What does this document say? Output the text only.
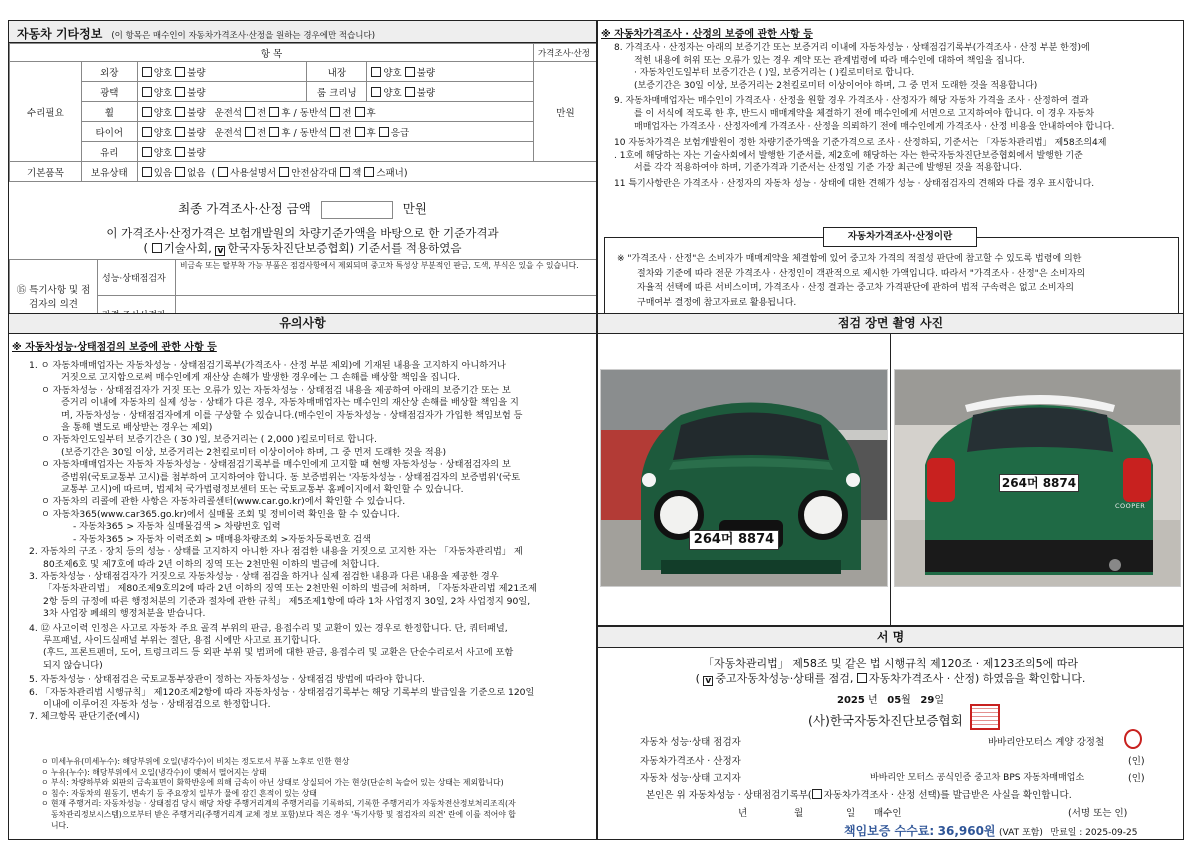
자동차 기타정보 (이 항목은 매수인이 자동차가격조사·산정을 원하는 경우에만 적습니다)
항 목					가격조사·산정
수리필요	외장	양호 불량	내장	양호 불량	만원
	광택	양호 불량	룸 크리닝	양호 불량	
	휠	양호 불량 운전석 전 후 / 동반석 전 후			
	타이어	양호 불량 운전석 전 후 / 동반석 전 후 응급			
	유리	양호 불량			
기본품목	보유상태	있음 없음  ( 사용설명서 안전삼각대 잭 스패너)			
최종 가격조사·산정 금액	만원
이 가격조사·산정가격은 보험개발원의 차량기준가액을 바탕으로 한 기준가격과
( 기술사회, v 한국자동차진단보증협회) 기준서를 적용하였음
⑮ 특기사항 및 점검자의 의견	성능·상태점검자	비금속 또는 탈부착 가능 부품은 점검사항에서 제외되며 중고차 특성상 부분적인 판금, 도색, 부식은 있을 수 있습니다.

※ 자동차가격조사 · 산정의 보증에 관한 사항 등

8. 가격조사 · 산정자는 아래의 보증기간 또는 보증거리 이내에 자동차성능 · 상태점검기록부(가격조사 · 산정 부분 한정)에

적힌 내용에 허위 또는 오류가 있는 경우 계약 또는 관계법령에 따라 매수인에 대하여 책임을 집니다.

· 자동차인도일부터 보증기간은 ( )일, 보증거리는 ( )킬로미터로 합니다.

(보증기간은 30일 이상, 보증거리는 2천킬로미터 이상이어야 하며, 그 중 먼저 도래한 것을 적용합니다)

9. 자동차매매업자는 매수인이 가격조사 · 산정을 원할 경우 가격조사 · 산정자가 해당 자동차 가격을 조사 · 산정하여 결과

를 이 서식에 적도록 한 후, 반드시 매매계약을 체결하기 전에 매수인에게 서면으로 고지하여야 합니다. 이 경우 자동차

매매업자는 가격조사 · 산정자에게 가격조사 · 산정을 의뢰하기 전에 매수인에게 가격조사 · 산정 비용을 안내하여야 합니다.

10 자동차가격은 보험개발원이 정한 차량기준가액을 기준가격으로 조사 · 산정하되, 기준서는 「자동차관리법」 제58조의4제

. 1호에 해당하는 자는 기술사회에서 발행한 기준서를, 제2호에 해당하는 자는 한국자동차진단보증협회에서 발행한 기준

서를 각각 적용하여야 하며, 기준가격과 기준서는 산정일 기준 가장 최근에 발행된 것을 적용합니다.

11 특기사항란은 가격조사 · 산정자의 자동차 성능 · 상태에 대한 견해가 성능 · 상태점검자의 견해와 다를 경우 표시합니다.

자동차가격조사·산정이란

※ "가격조사 · 산정"은 소비자가 매매계약을 체결함에 있어 중고차 가격의 적절성 판단에 참고할 수 있도록 법령에 의한

절차와 기준에 따라 전문 가격조사 · 산정인이 객관적으로 제시한 가액입니다. 따라서 "가격조사 · 산정"은 소비자의

자율적 선택에 따른 서비스이며, 가격조사 · 산정 결과는 중고차 가격판단에 관하여 법적 구속력은 없고 소비자의

구매여부 결정에 참고자료로 활용됩니다.

유의사항
※ 자동차성능·상태점검의 보증에 관한 사항 등

1. ㅇ 자동차매매업자는 자동차성능 · 상태점검기록부(가격조사 · 산정 부분 제외)에 기재된 내용을 고지하지 아니하거나

거짓으로 고지함으로써 매수인에게 재산상 손해가 발생한 경우에는 그 손해를 배상할 책임을 집니다.

ㅇ 자동차성능 · 상태점검자가 거짓 또는 오류가 있는 자동차성능 · 상태점검 내용을 제공하여 아래의 보증기간 또는 보

증거리 이내에 자동차의 실제 성능 · 상태가 다른 경우, 자동차매매업자는 매수인의 재산상 손해를 배상할 책임을 지

며, 자동차성능 · 상태점검자에게 이를 구상할 수 있습니다.(매수인이 자동차성능 · 상태점검자가 가입한 책임보험 등

을 통해 별도로 배상받는 경우는 제외)

ㅇ 자동차인도일부터 보증기간은 ( 30 )일, 보증거리는 ( 2,000 )킬로미터로 합니다.

(보증기간은 30일 이상, 보증거리는 2천킬로미터 이상이어야 하며, 그 중 먼저 도래한 것을 적용)

ㅇ 자동차매매업자는 자동차 자동차성능 · 상태점검기록부를 매수인에게 고지할 때 현행 자동차성능 · 상태점검자의 보

증범위(국토교통부 고시)를 첨부하여 고지하여야 합니다. 동 보증범위는 '자동차성능 · 상태점검자의 보증범위'(국토

교통부 고시)에 따르며, 법제처 국가법령정보센터 또는 국토교통부 홈페이지에서 확인할 수 있습니다.

ㅇ 자동차의 리콜에 관한 사항은 자동차리콜센터(www.car.go.kr)에서 확인할 수 있습니다.

ㅇ 자동차365(www.car365.go.kr)에서 실매물 조회 및 정비이력 확인을 할 수 있습니다.

- 자동차365 > 자동차 실매물검색 > 차량번호 입력

- 자동차365 > 자동차 이력조회 > 매매용차량조회 >자동차등록번호 검색

2. 자동차의 구조 · 장치 등의 성능 · 상태를 고지하지 아니한 자나 점검한 내용을 거짓으로 고지한 자는 「자동차관리법」 제

80조제6호 및 제7호에 따라 2년 이하의 징역 또는 2천만원 이하의 벌금에 처합니다.

3. 자동차성능 · 상태점검자가 거짓으로 자동차성능 · 상태 점검을 하거나 실제 점검한 내용과 다른 내용을 제공한 경우

「자동차관리법」 제80조제9호의2에 따라 2년 이하의 징역 또는 2천만원 이하의 벌금에 처하며, 「자동차관리법 제21조제

2항 등의 규정에 따른 행정처분의 기준과 절차에 관한 규칙」 제5조제1항에 따라 1차 사업정지 30일, 2차 사업정지 90일,

3차 사업장 폐쇄의 행정처분을 받습니다.

4. ⑫ 사고이력 인정은 사고로 자동차 주요 골격 부위의 판금, 용접수리 및 교환이 있는 경우로 한정합니다. 단, 쿼터패널,

루프패널, 사이드실패널 부위는 절단, 용접 시에만 사고로 표기합니다.

(후드, 프론트펜더, 도어, 트렁크리드 등 외판 부위 및 범퍼에 대한 판금, 용접수리 및 교환은 단순수리로서 사고에 포함

되지 않습니다)

5. 자동차성능 · 상태점검은 국토교통부장관이 정하는 자동차성능 · 상태점검 방법에 따라야 합니다.

6. 「자동차관리법 시행규칙」 제120조제2항에 따라 자동차성능 · 상태점검기록부는 해당 기록부의 발급일을 기준으로 120일

이내에 이루어진 자동차 성능 · 상태점검으로 한정합니다.

7. 체크항목 판단기준(예시)

ㅇ 미세누유(미세누수): 해당부위에 오일(냉각수)이 비치는 정도로서 부품 노후로 인한 현상

ㅇ 누유(누수): 해당부위에서 오일(냉각수)이 맺혀서 떨어지는 상태

ㅇ 부식: 차량하부와 외판의 금속표면이 화학반응에 의해 금속이 아닌 상태로 상실되어 가는 현상(단순히 녹슬어 있는 상태는 제외합니다)

ㅇ 침수: 자동차의 원동기, 변속기 등 주요장치 일부가 물에 잠긴 흔적이 있는 상태

ㅇ 현재 주행거리: 자동차성능 · 상태점검 당시 해당 차량 주행거리계의 주행거리를 기록하되, 기록한 주행거리가 자동차전산정보처리조직(자

동차관리정보시스템)으로부터 받은 주행거리(주행거리계 교체 정보 포함)보다 적은 경우 '특기사항 및 점검자의 의견' 란에 이를 적어야 합

니다.

점검 장면 촬영 사진
264머 8874
264머 8874
COOPER
서 명
「자동차관리법」 제58조 및 같은 법 시행규칙 제120조 · 제123조의5에 따라
( v 중고자동차성능·상태를 점검, 자동차가격조사 · 산정) 하였음을 확인합니다.
2025 년 05월 29일
(사)한국자동차진단보증협회
자동차 성능·상태 점검자	바바리안모터스 계양 강정철
자동차가격조사 · 산정자	(인)
자동차 성능·상태 고지자	바바리안 모터스 공식인증 중고차 BPS 자동차매매업소	(인)
본인은 위 자동차성능 · 상태점검기록부( 자동차가격조사 · 산정 선택)를 발급받은 사실을 확인합니다.
년	월	일 매수인	(서명 또는 인)
책임보증 수수료: 36,960원 (VAT 포함) 만료일 : 2025-09-25
